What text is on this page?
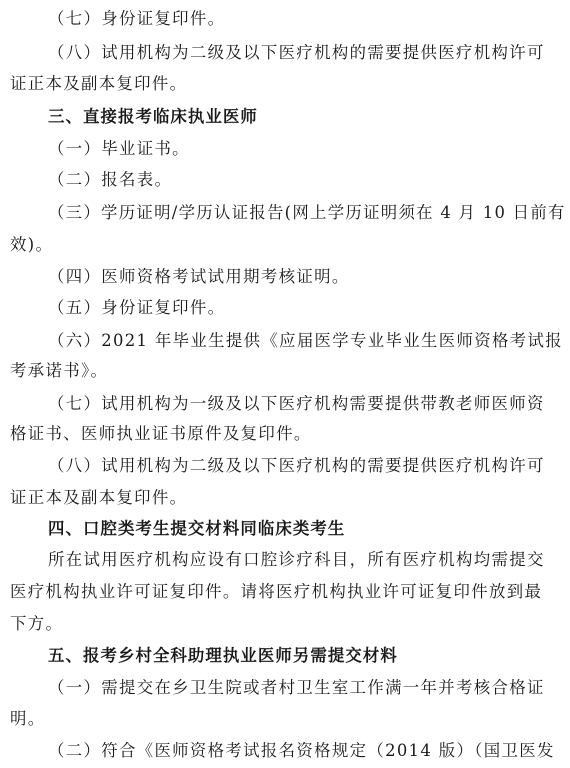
（七）身份证复印件。
（八）试用机构为二级及以下医疗机构的需要提供医疗机构许可
证正本及副本复印件。
三、直接报考临床执业医师
（一）毕业证书。
（二）报名表。
（三）学历证明/学历认证报告(网上学历证明须在 4 月 10 日前有
效)。
（四）医师资格考试试用期考核证明。
（五）身份证复印件。
（六）2021 年毕业生提供《应届医学专业毕业生医师资格考试报
考承诺书》。
（七）试用机构为一级及以下医疗机构需要提供带教老师医师资
格证书、医师执业证书原件及复印件。
（八）试用机构为二级及以下医疗机构的需要提供医疗机构许可
证正本及副本复印件。
四、口腔类考生提交材料同临床类考生
所在试用医疗机构应设有口腔诊疗科目，所有医疗机构均需提交
医疗机构执业许可证复印件。请将医疗机构执业许可证复印件放到最
下方。
五、报考乡村全科助理执业医师另需提交材料
（一）需提交在乡卫生院或者村卫生室工作满一年并考核合格证
明。
（二）符合《医师资格考试报名资格规定（2014 版）（国卫医发
